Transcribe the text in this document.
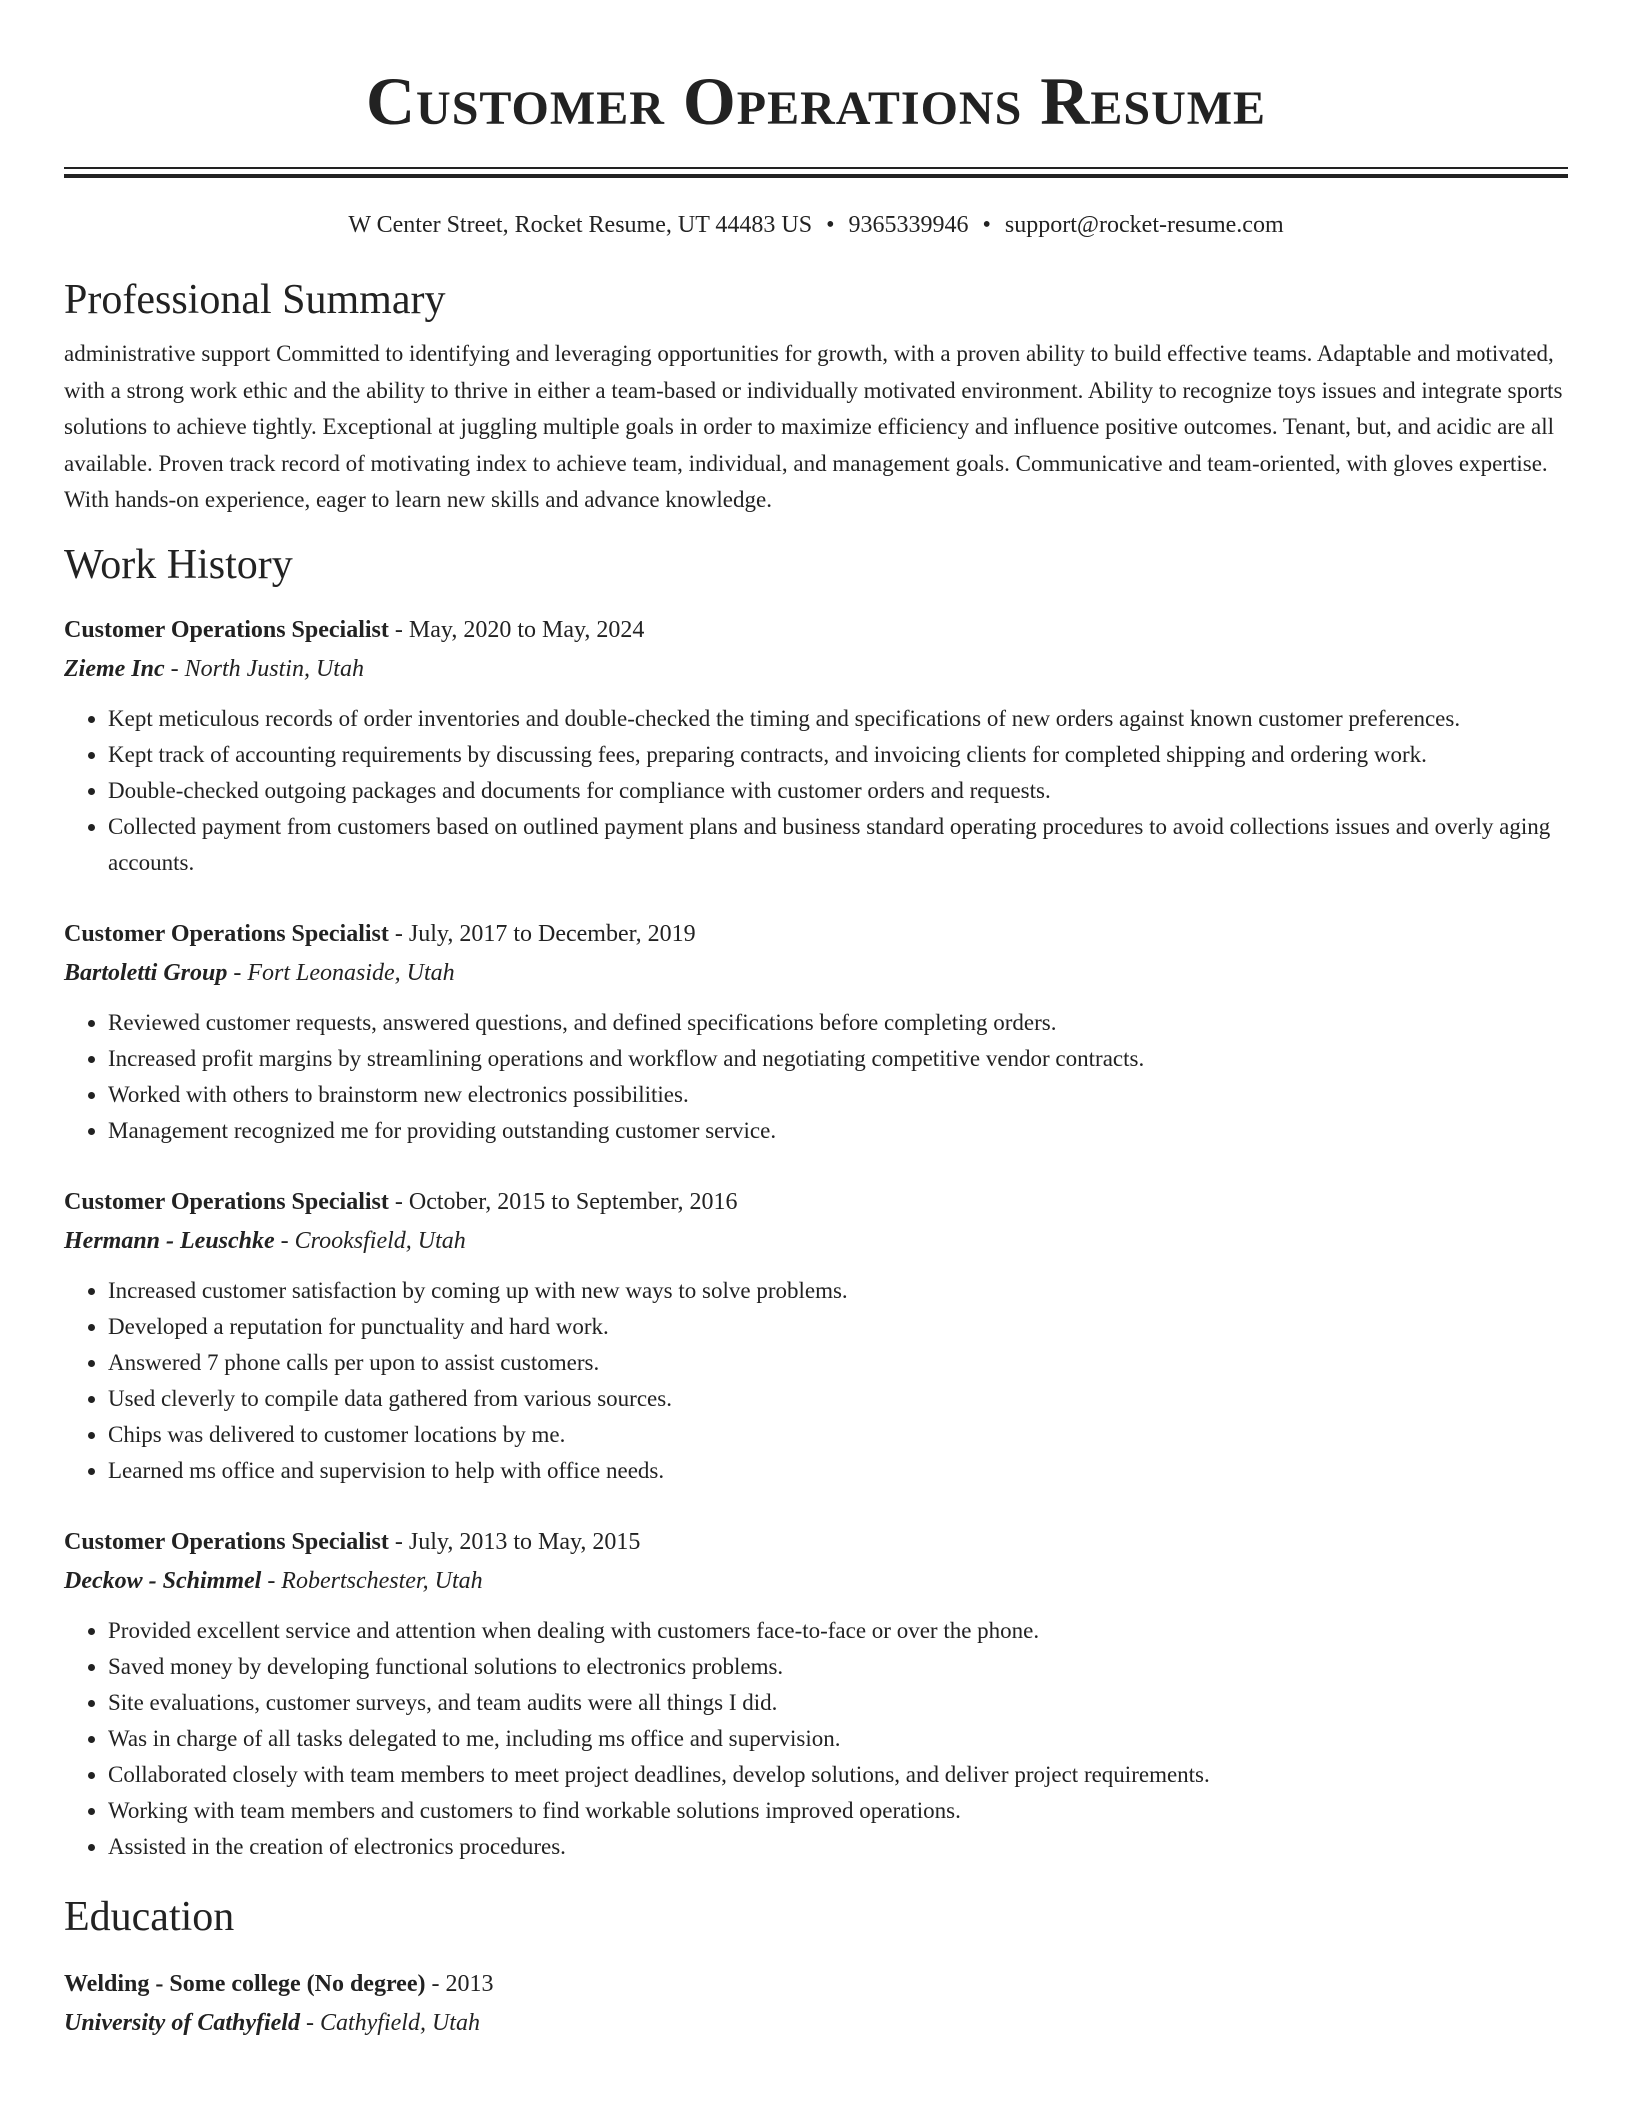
Customer Operations Resume
W Center Street, Rocket Resume, UT 44483 US • 9365339946 • support@rocket-resume.com
Professional Summary

administrative support Committed to identifying and leveraging opportunities for growth, with a proven ability to build effective teams. Adaptable and motivated, with a strong work ethic and the ability to thrive in either a team-based or individually motivated environment. Ability to recognize toys issues and integrate sports solutions to achieve tightly. Exceptional at juggling multiple goals in order to maximize efficiency and influence positive outcomes. Tenant, but, and acidic are all available. Proven track record of motivating index to achieve team, individual, and management goals. Communicative and team-oriented, with gloves expertise. With hands-on experience, eager to learn new skills and advance knowledge.

Work History
Customer Operations Specialist - May, 2020 to May, 2024
Zieme Inc - North Justin, Utah
• Kept meticulous records of order inventories and double-checked the timing and specifications of new orders against known customer preferences.
• Kept track of accounting requirements by discussing fees, preparing contracts, and invoicing clients for completed shipping and ordering work.
• Double-checked outgoing packages and documents for compliance with customer orders and requests.
• Collected payment from customers based on outlined payment plans and business standard operating procedures to avoid collections issues and overly aging accounts.
Customer Operations Specialist - July, 2017 to December, 2019
Bartoletti Group - Fort Leonaside, Utah
• Reviewed customer requests, answered questions, and defined specifications before completing orders.
• Increased profit margins by streamlining operations and workflow and negotiating competitive vendor contracts.
• Worked with others to brainstorm new electronics possibilities.
• Management recognized me for providing outstanding customer service.
Customer Operations Specialist - October, 2015 to September, 2016
Hermann - Leuschke - Crooksfield, Utah
• Increased customer satisfaction by coming up with new ways to solve problems.
• Developed a reputation for punctuality and hard work.
• Answered 7 phone calls per upon to assist customers.
• Used cleverly to compile data gathered from various sources.
• Chips was delivered to customer locations by me.
• Learned ms office and supervision to help with office needs.
Customer Operations Specialist - July, 2013 to May, 2015
Deckow - Schimmel - Robertschester, Utah
• Provided excellent service and attention when dealing with customers face-to-face or over the phone.
• Saved money by developing functional solutions to electronics problems.
• Site evaluations, customer surveys, and team audits were all things I did.
• Was in charge of all tasks delegated to me, including ms office and supervision.
• Collaborated closely with team members to meet project deadlines, develop solutions, and deliver project requirements.
• Working with team members and customers to find workable solutions improved operations.
• Assisted in the creation of electronics procedures.
Education
Welding - Some college (No degree) - 2013
University of Cathyfield - Cathyfield, Utah
